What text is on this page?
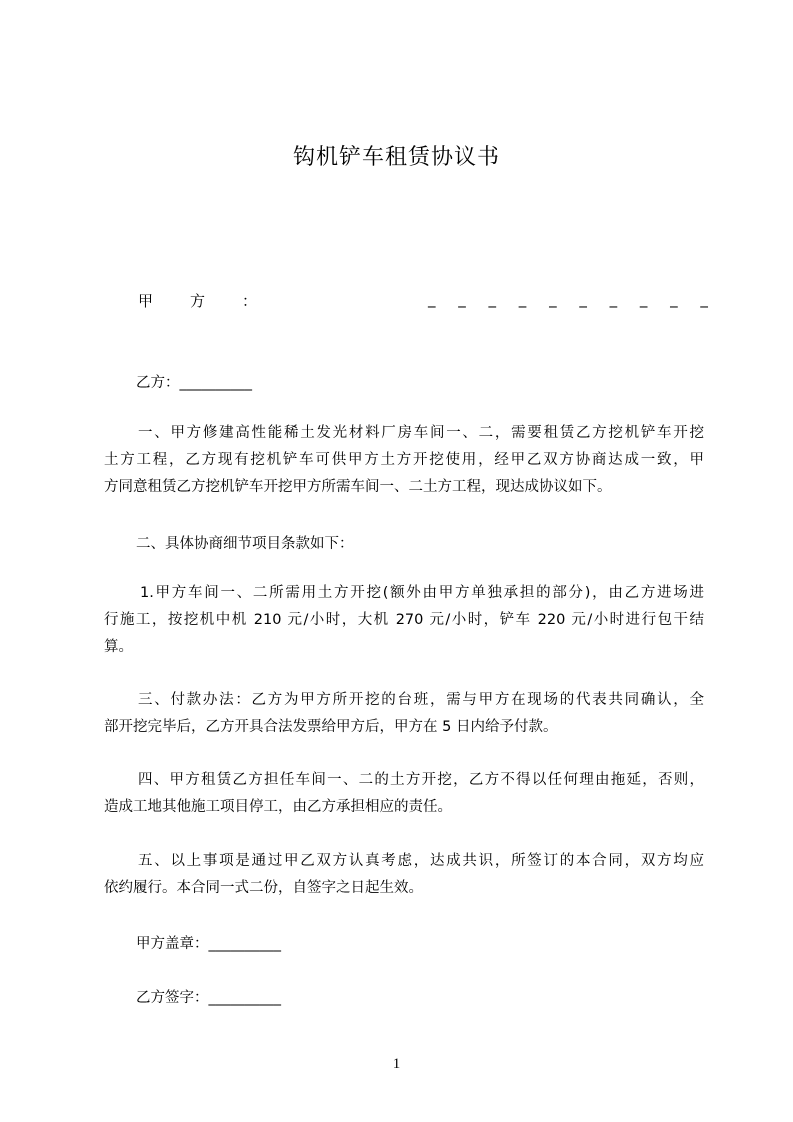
钩机铲车租赁协议书
甲 方 ：	_ _ _ _ _ _ _ _ _ _
乙方：__________
一、甲方修建高性能稀土发光材料厂房车间一、二，需要租赁乙方挖机铲车开挖
土方工程，乙方现有挖机铲车可供甲方土方开挖使用，经甲乙双方协商达成一致，甲
方同意租赁乙方挖机铲车开挖甲方所需车间一、二土方工程，现达成协议如下。
二、具体协商细节项目条款如下：
1.甲方车间一、二所需用土方开挖(额外由甲方单独承担的部分)，由乙方进场进
行施工，按挖机中机 210 元/小时，大机 270 元/小时，铲车 220 元/小时进行包干结
算。
三、付款办法：乙方为甲方所开挖的台班，需与甲方在现场的代表共同确认，全
部开挖完毕后，乙方开具合法发票给甲方后，甲方在 5 日内给予付款。
四、甲方租赁乙方担任车间一、二的土方开挖，乙方不得以任何理由拖延，否则，
造成工地其他施工项目停工，由乙方承担相应的责任。
五、以上事项是通过甲乙双方认真考虑，达成共识，所签订的本合同，双方均应
依约履行。本合同一式二份，自签字之日起生效。
甲方盖章：__________
乙方签字：__________
1
